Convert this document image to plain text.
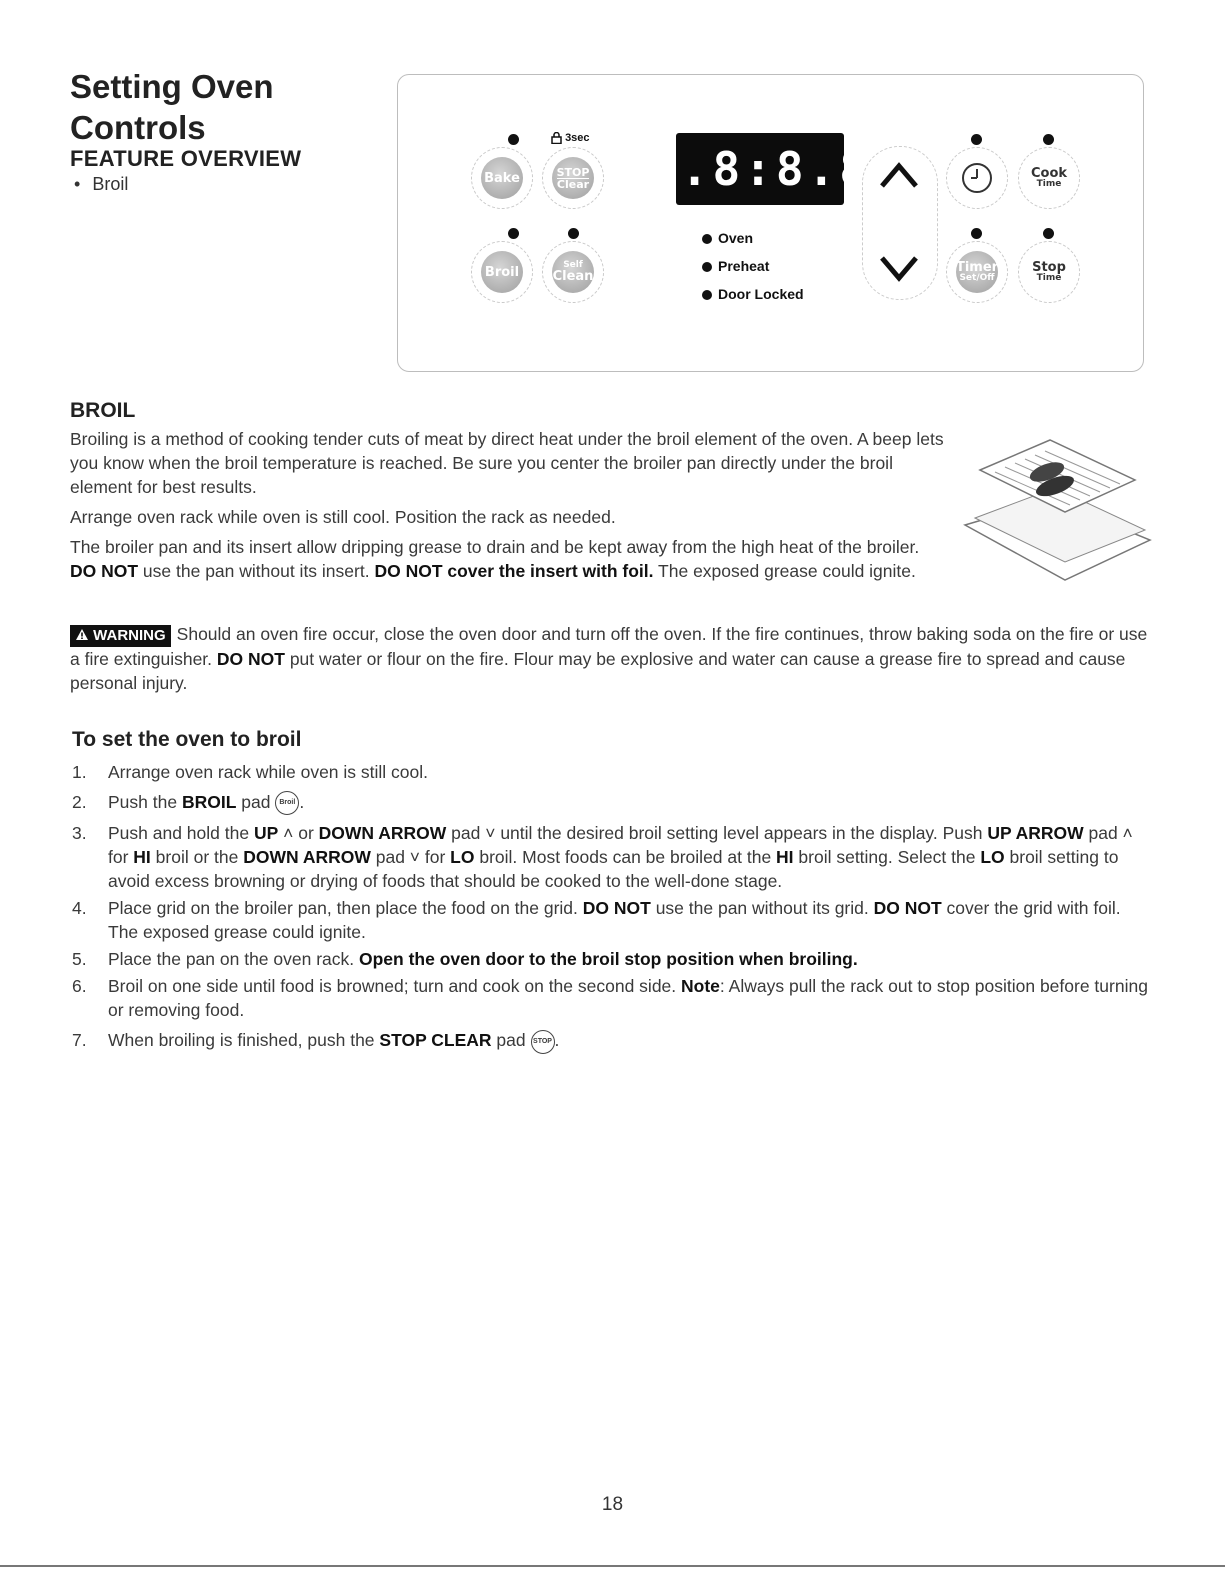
Setting Oven
Controls
FEATURE OVERVIEW
• Broil
3sec
Bake	STOP
Clear
Broil	Self
Clean
8.8:8.8
Oven
Preheat
Door Locked
Cook
Time
Timer
Set/Off
Stop
Time
BROIL

Broiling is a method of cooking tender cuts of meat by direct heat under the broil element of the oven. A beep lets you know when the broil temperature is reached. Be sure you center the broiler pan directly under the broil element for best results.

Arrange oven rack while oven is still cool. Position the rack as needed.

The broiler pan and its insert allow dripping grease to drain and be kept away from the high heat of the broiler. DO NOT use the pan without its insert. DO NOT cover the insert with foil. The exposed grease could ignite.

WARNING Should an oven fire occur, close the oven door and turn off the oven. If the fire continues, throw baking soda on the fire or use a fire extinguisher. DO NOT put water or flour on the fire. Flour may be explosive and water can cause a grease fire to spread and cause personal injury.

To set the oven to broil
1. Arrange oven rack while oven is still cool.
2. Push the BROIL pad Broil .
3. Push and hold the UP ˄ or DOWN ARROW pad ˅ until the desired broil setting level appears in the display. Push UP ARROW pad ˄ for HI broil or the DOWN ARROW pad ˅ for LO broil. Most foods can be broiled at the HI broil setting. Select the LO broil setting to avoid excess browning or drying of foods that should be cooked to the well-done stage.
4. Place grid on the broiler pan, then place the food on the grid. DO NOT use the pan without its grid. DO NOT cover the grid with foil. The exposed grease could ignite.
5. Place the pan on the oven rack. Open the oven door to the broil stop position when broiling.
6. Broil on one side until food is browned; turn and cook on the second side. Note: Always pull the rack out to stop position before turning or removing food.
7. When broiling is finished, push the STOP CLEAR pad STOP .
18
